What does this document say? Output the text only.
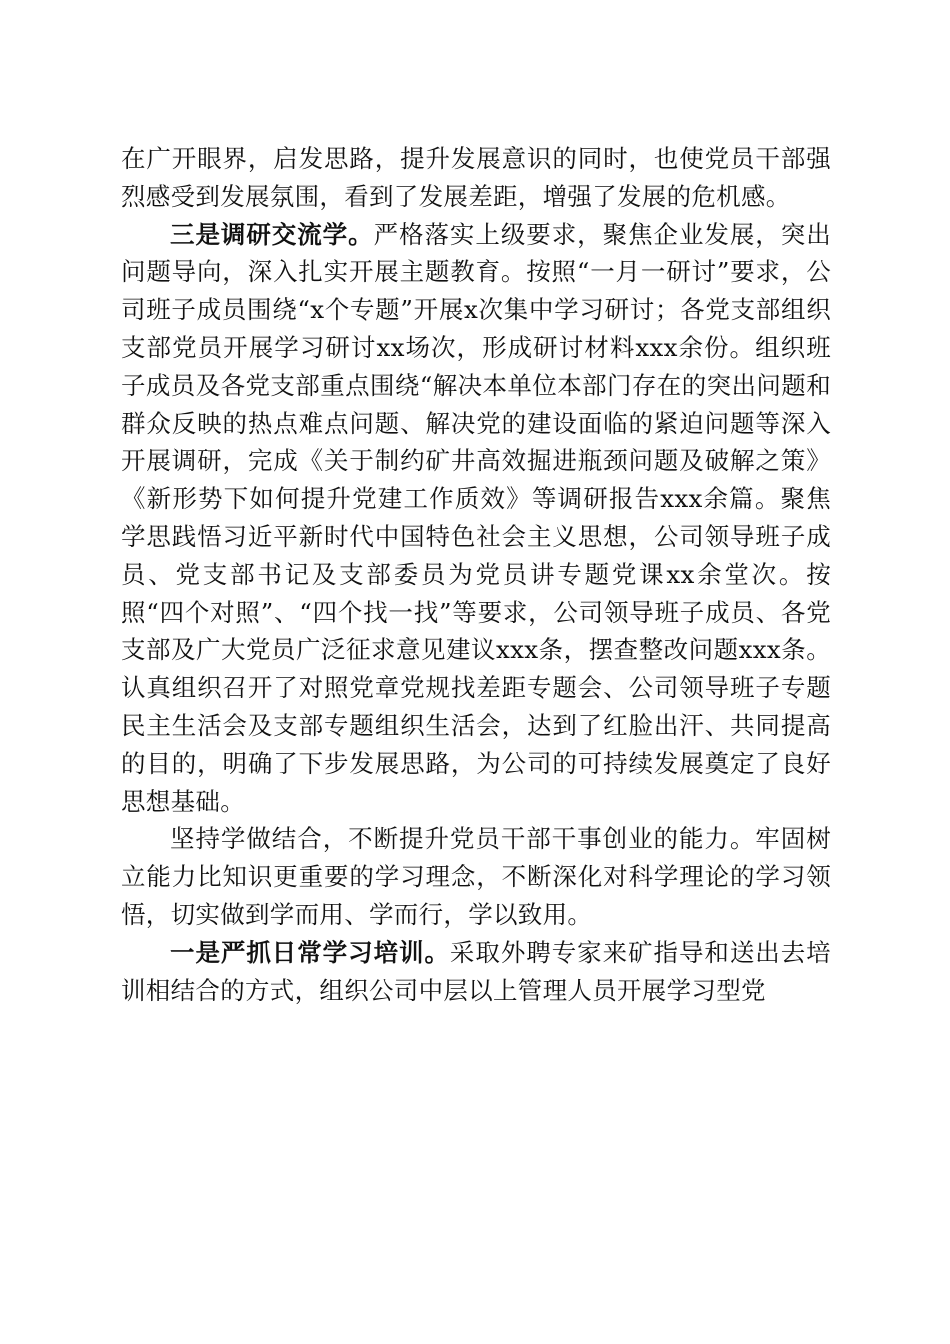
在广开眼界，启发思路，提升发展意识的同时，也使党员干部强烈感受到发展氛围，看到了发展差距，增强了发展的危机感。

三是调研交流学。严格落实上级要求，聚焦企业发展，突出问题导向，深入扎实开展主题教育。按照“一月一研讨”要求，公司班子成员围绕“x个专题”开展x次集中学习研讨；各党支部组织支部党员开展学习研讨xx场次，形成研讨材料xxx余份。组织班子成员及各党支部重点围绕“解决本单位本部门存在的突出问题和群众反映的热点难点问题、解决党的建设面临的紧迫问题等深入开展调研，完成《关于制约矿井高效掘进瓶颈问题及破解之策》《新形势下如何提升党建工作质效》等调研报告xxx余篇。聚焦学思践悟习近平新时代中国特色社会主义思想，公司领导班子成员、党支部书记及支部委员为党员讲专题党课xx余堂次。按照“四个对照”、“四个找一找”等要求，公司领导班子成员、各党支部及广大党员广泛征求意见建议xxx条，摆查整改问题xxx条。认真组织召开了对照党章党规找差距专题会、公司领导班子专题民主生活会及支部专题组织生活会，达到了红脸出汗、共同提高的目的，明确了下步发展思路，为公司的可持续发展奠定了良好思想基础。

坚持学做结合，不断提升党员干部干事创业的能力。牢固树立能力比知识更重要的学习理念，不断深化对科学理论的学习领悟，切实做到学而用、学而行，学以致用。

一是严抓日常学习培训。采取外聘专家来矿指导和送出去培训相结合的方式，组织公司中层以上管理人员开展学习型党
